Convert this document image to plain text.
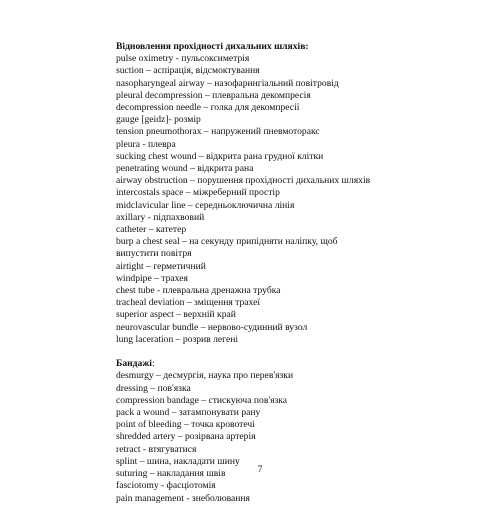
Відновлення прохідності дихальних шляхів:
pulse oximetry - пульсоксиметрія
suction – аспірація, відсмоктування
nasopharyngeal airway – назофарингіальний повітровід
pleural decompression – плевральна декомпресія
decompression needle – голка для декомпресії
gauge [geidz]- розмір
tension pneumothorax – напружений пневмоторакс
pleura - плевра
sucking chest wound – відкрита рана грудної клітки
penetrating wound – відкрита рана
airway obstruction – порушення прохідності дихальних шляхів
intercostals space – міжреберний простір
midclavicular line – середньоключична лінія
axillary - підпахвовий
catheter – катетер
burp a chest seal – на секунду припідняти наліпку, щоб випустити повітря
airtight – герметичний
windpipe – трахея
chest tube - плевральна дренажна трубка
tracheal deviation – зміщення трахеї
superior aspect – верхній край
neurovascular bundle – нервово-судинний вузол
lung laceration – розрив легені
Бандажі:
desmurgy – десмургія, наука про перев'язки
dressing – пов'язка
compression bandage – стискуюча пов'язка
pack a wound – затампонувати рану
point of bleeding – точка кровотечі
shredded artery – розірвана артерія
retract - втягуватися
splint – шина, накладати шину
suturing – накладання швів
fasciotomy - фасціотомія
pain management - знеболювання
7
